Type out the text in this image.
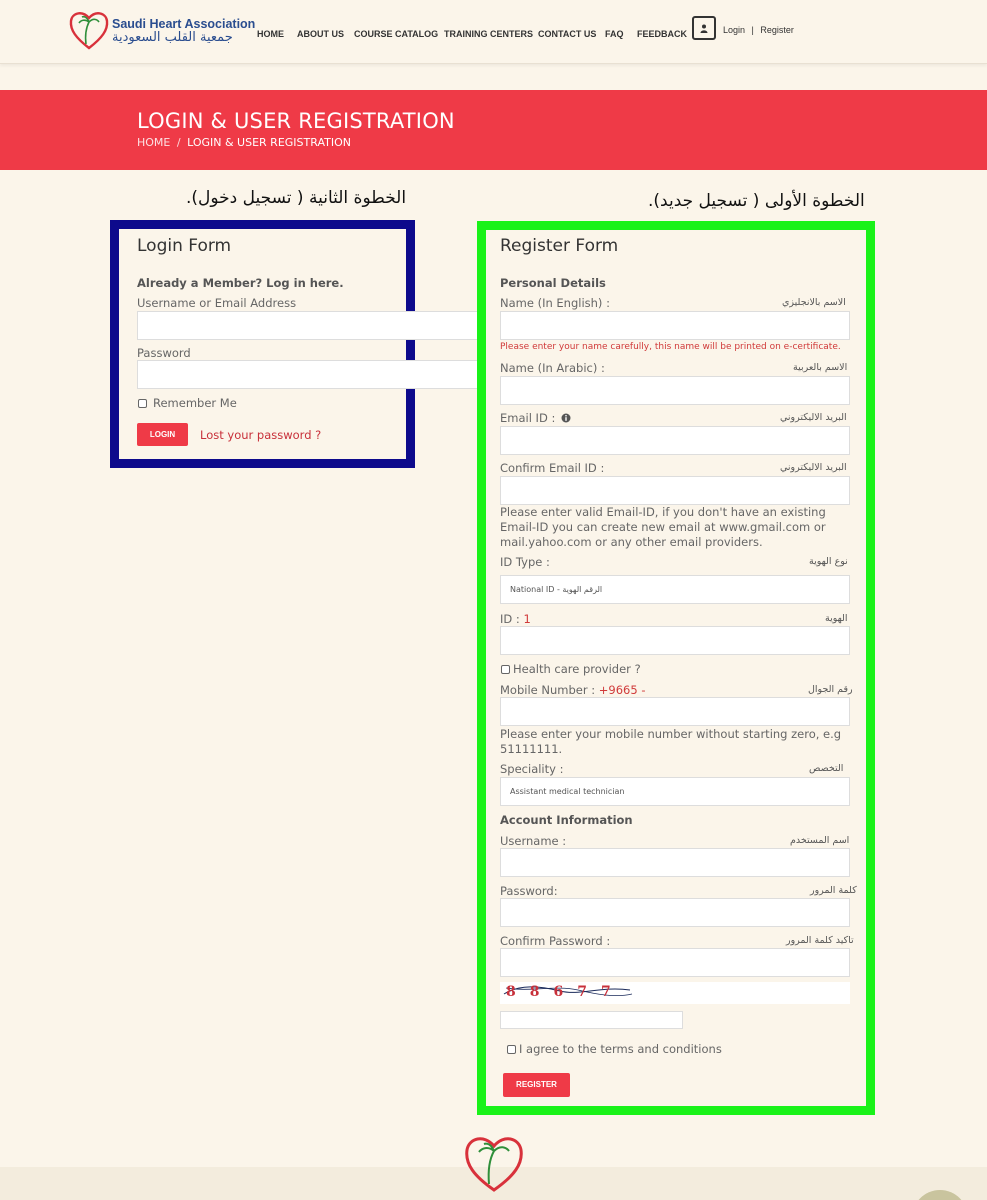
Saudi Heart Association
جمعية القلب السعودية	HOME ABOUT US COURSE CATALOG TRAINING CENTERS CONTACT US FAQ FEEDBACK	Login | Register
LOGIN & USER REGISTRATION
HOME / LOGIN & USER REGISTRATION
الخطوة الثانية ( تسجيل دخول).	الخطوة الأولى ( تسجيل جديد).
Login Form
Already a Member? Log in here.
Username or Email Address
Password
Remember Me
LOGIN	Lost your password ?
Register Form
Personal Details
Name (In English) :	الاسم بالانجليزي
Please enter your name carefully, this name will be printed on e-certificate.
Name (In Arabic) :	الاسم بالعربية
Email ID :	البريد الاليكتروني
Confirm Email ID :	البريد الاليكتروني
Please enter valid Email-ID, if you don't have an existing Email-ID you can create new email at www.gmail.com or mail.yahoo.com or any other email providers.
ID Type :	نوع الهوية
National ID - الرقم الهوية
ID : 1	الهوية
Health care provider ?
Mobile Number : +9665 -	رقم الجوال
Please enter your mobile number without starting zero, e.g 51111111.
Speciality :	التخصص
Assistant medical technician
Account Information
Username :	اسم المستخدم
Password:	كلمة المرور
Confirm Password :	تاكيد كلمة المرور
88677
I agree to the terms and conditions
REGISTER
